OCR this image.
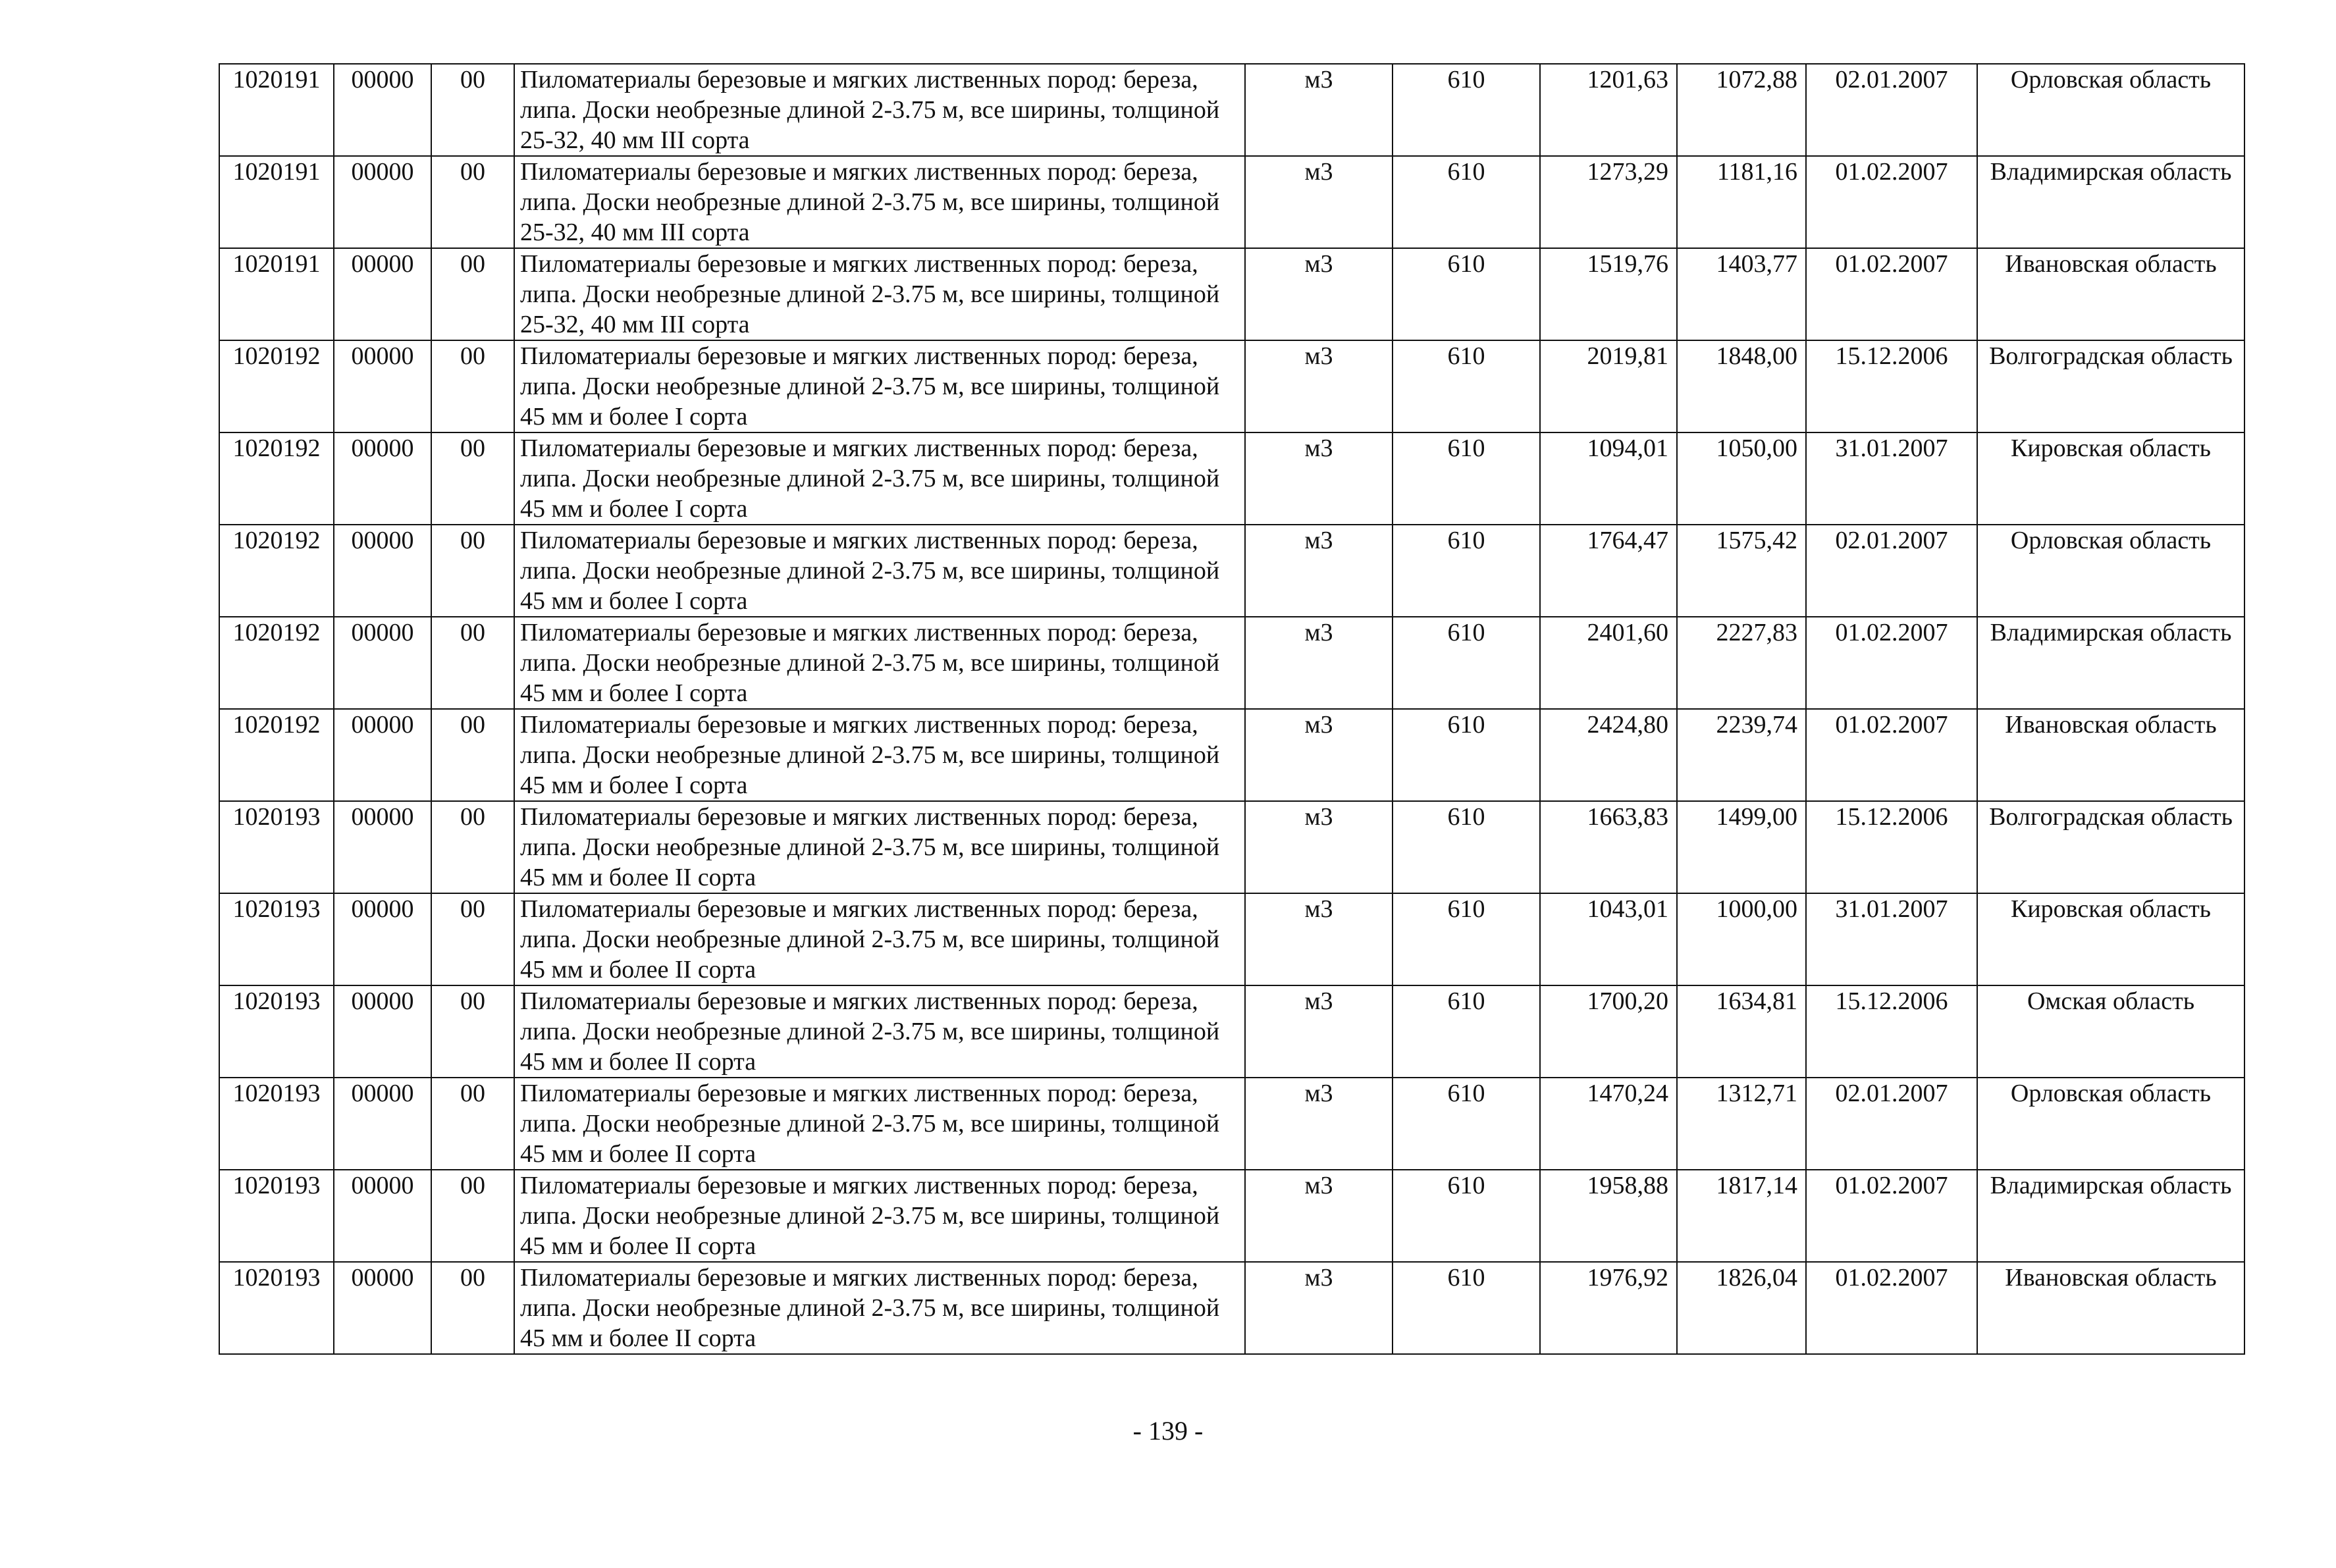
1020191	00000	00	Пиломатериалы березовые и мягких лиственных пород: береза, липа. Доски необрезные длиной 2-3.75 м, все ширины, толщиной 25-32, 40 мм III сорта	м3	610	1201,63	1072,88	02.01.2007	Орловская область
1020191	00000	00	Пиломатериалы березовые и мягких лиственных пород: береза, липа. Доски необрезные длиной 2-3.75 м, все ширины, толщиной 25-32, 40 мм III сорта	м3	610	1273,29	1181,16	01.02.2007	Владимирская область
1020191	00000	00	Пиломатериалы березовые и мягких лиственных пород: береза, липа. Доски необрезные длиной 2-3.75 м, все ширины, толщиной 25-32, 40 мм III сорта	м3	610	1519,76	1403,77	01.02.2007	Ивановская область
1020192	00000	00	Пиломатериалы березовые и мягких лиственных пород: береза, липа. Доски необрезные длиной 2-3.75 м, все ширины, толщиной 45 мм и более I сорта	м3	610	2019,81	1848,00	15.12.2006	Волгоградская область
1020192	00000	00	Пиломатериалы березовые и мягких лиственных пород: береза, липа. Доски необрезные длиной 2-3.75 м, все ширины, толщиной 45 мм и более I сорта	м3	610	1094,01	1050,00	31.01.2007	Кировская область
1020192	00000	00	Пиломатериалы березовые и мягких лиственных пород: береза, липа. Доски необрезные длиной 2-3.75 м, все ширины, толщиной 45 мм и более I сорта	м3	610	1764,47	1575,42	02.01.2007	Орловская область
1020192	00000	00	Пиломатериалы березовые и мягких лиственных пород: береза, липа. Доски необрезные длиной 2-3.75 м, все ширины, толщиной 45 мм и более I сорта	м3	610	2401,60	2227,83	01.02.2007	Владимирская область
1020192	00000	00	Пиломатериалы березовые и мягких лиственных пород: береза, липа. Доски необрезные длиной 2-3.75 м, все ширины, толщиной 45 мм и более I сорта	м3	610	2424,80	2239,74	01.02.2007	Ивановская область
1020193	00000	00	Пиломатериалы березовые и мягких лиственных пород: береза, липа. Доски необрезные длиной 2-3.75 м, все ширины, толщиной 45 мм и более II сорта	м3	610	1663,83	1499,00	15.12.2006	Волгоградская область
1020193	00000	00	Пиломатериалы березовые и мягких лиственных пород: береза, липа. Доски необрезные длиной 2-3.75 м, все ширины, толщиной 45 мм и более II сорта	м3	610	1043,01	1000,00	31.01.2007	Кировская область
1020193	00000	00	Пиломатериалы березовые и мягких лиственных пород: береза, липа. Доски необрезные длиной 2-3.75 м, все ширины, толщиной 45 мм и более II сорта	м3	610	1700,20	1634,81	15.12.2006	Омская область
1020193	00000	00	Пиломатериалы березовые и мягких лиственных пород: береза, липа. Доски необрезные длиной 2-3.75 м, все ширины, толщиной 45 мм и более II сорта	м3	610	1470,24	1312,71	02.01.2007	Орловская область
1020193	00000	00	Пиломатериалы березовые и мягких лиственных пород: береза, липа. Доски необрезные длиной 2-3.75 м, все ширины, толщиной 45 мм и более II сорта	м3	610	1958,88	1817,14	01.02.2007	Владимирская область
1020193	00000	00	Пиломатериалы березовые и мягких лиственных пород: береза, липа. Доски необрезные длиной 2-3.75 м, все ширины, толщиной 45 мм и более II сорта	м3	610	1976,92	1826,04	01.02.2007	Ивановская область
- 139 -
